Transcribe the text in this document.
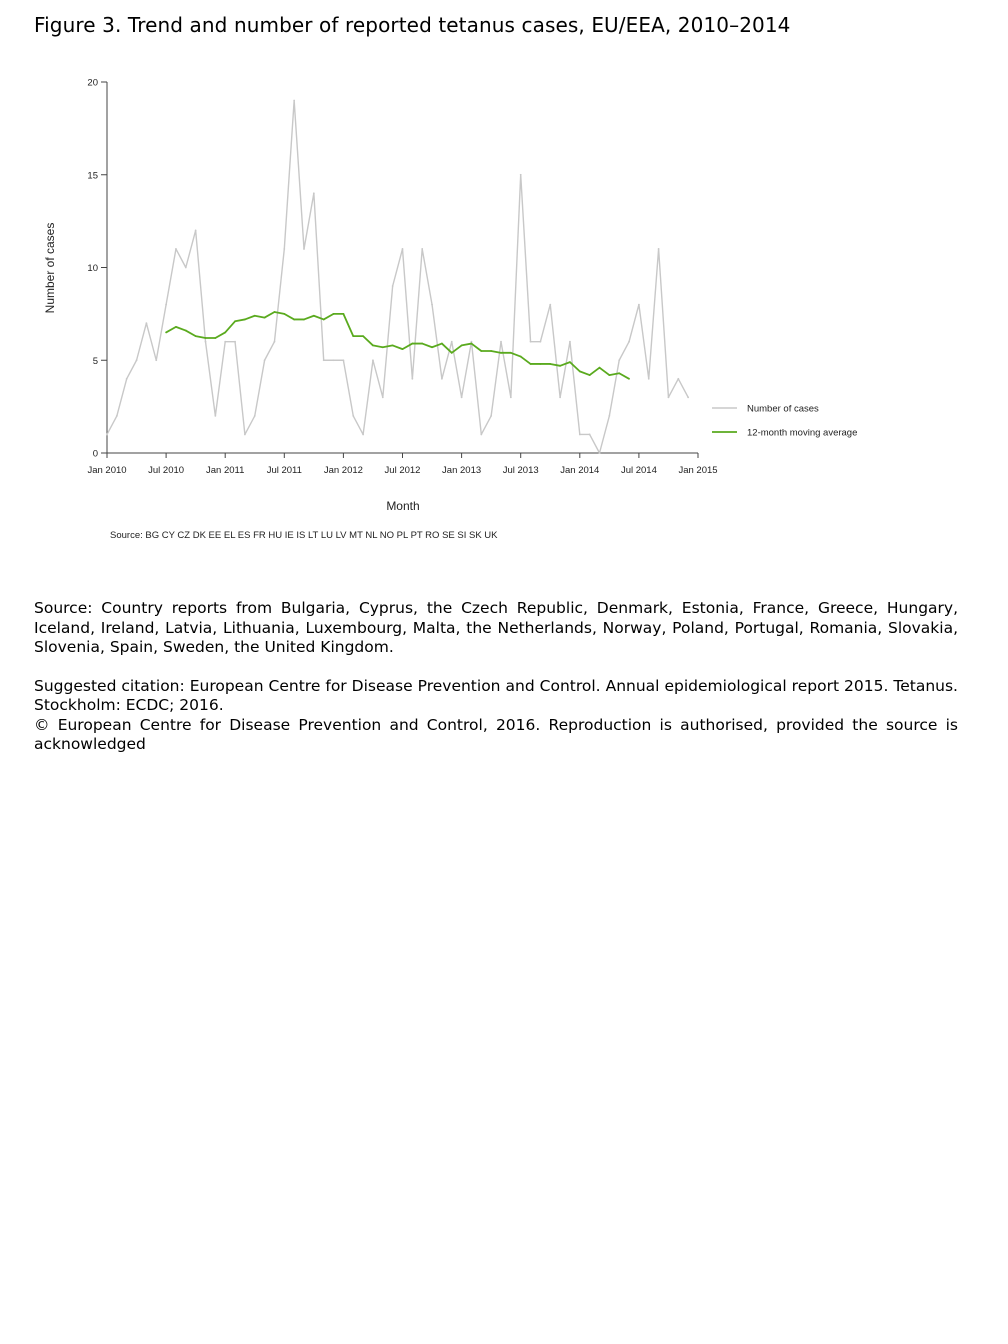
Figure 3. Trend and number of reported tetanus cases, EU/EEA, 2010–2014
0
5
10
15
20
Jan 2010 Jul 2010 Jan 2011 Jul 2011 Jan 2012 Jul 2012 Jan 2013 Jul 2013 Jan 2014 Jul 2014 Jan 2015
Number of cases
12-month moving average
Month
Number of cases
Source: BG CY CZ DK EE EL ES FR HU IE IS LT LU LV MT NL NO PL PT RO SE SI SK UK

Source: Country reports from Bulgaria, Cyprus, the Czech Republic, Denmark, Estonia, France, Greece, Hungary, Iceland, Ireland, Latvia, Lithuania, Luxembourg, Malta, the Netherlands, Norway, Poland, Portugal, Romania, Slovakia, Slovenia, Spain, Sweden, the United Kingdom.

Suggested citation: European Centre for Disease Prevention and Control. Annual epidemiological report 2015. Tetanus. Stockholm: ECDC; 2016.

© European Centre for Disease Prevention and Control, 2016. Reproduction is authorised, provided the source is acknowledged
